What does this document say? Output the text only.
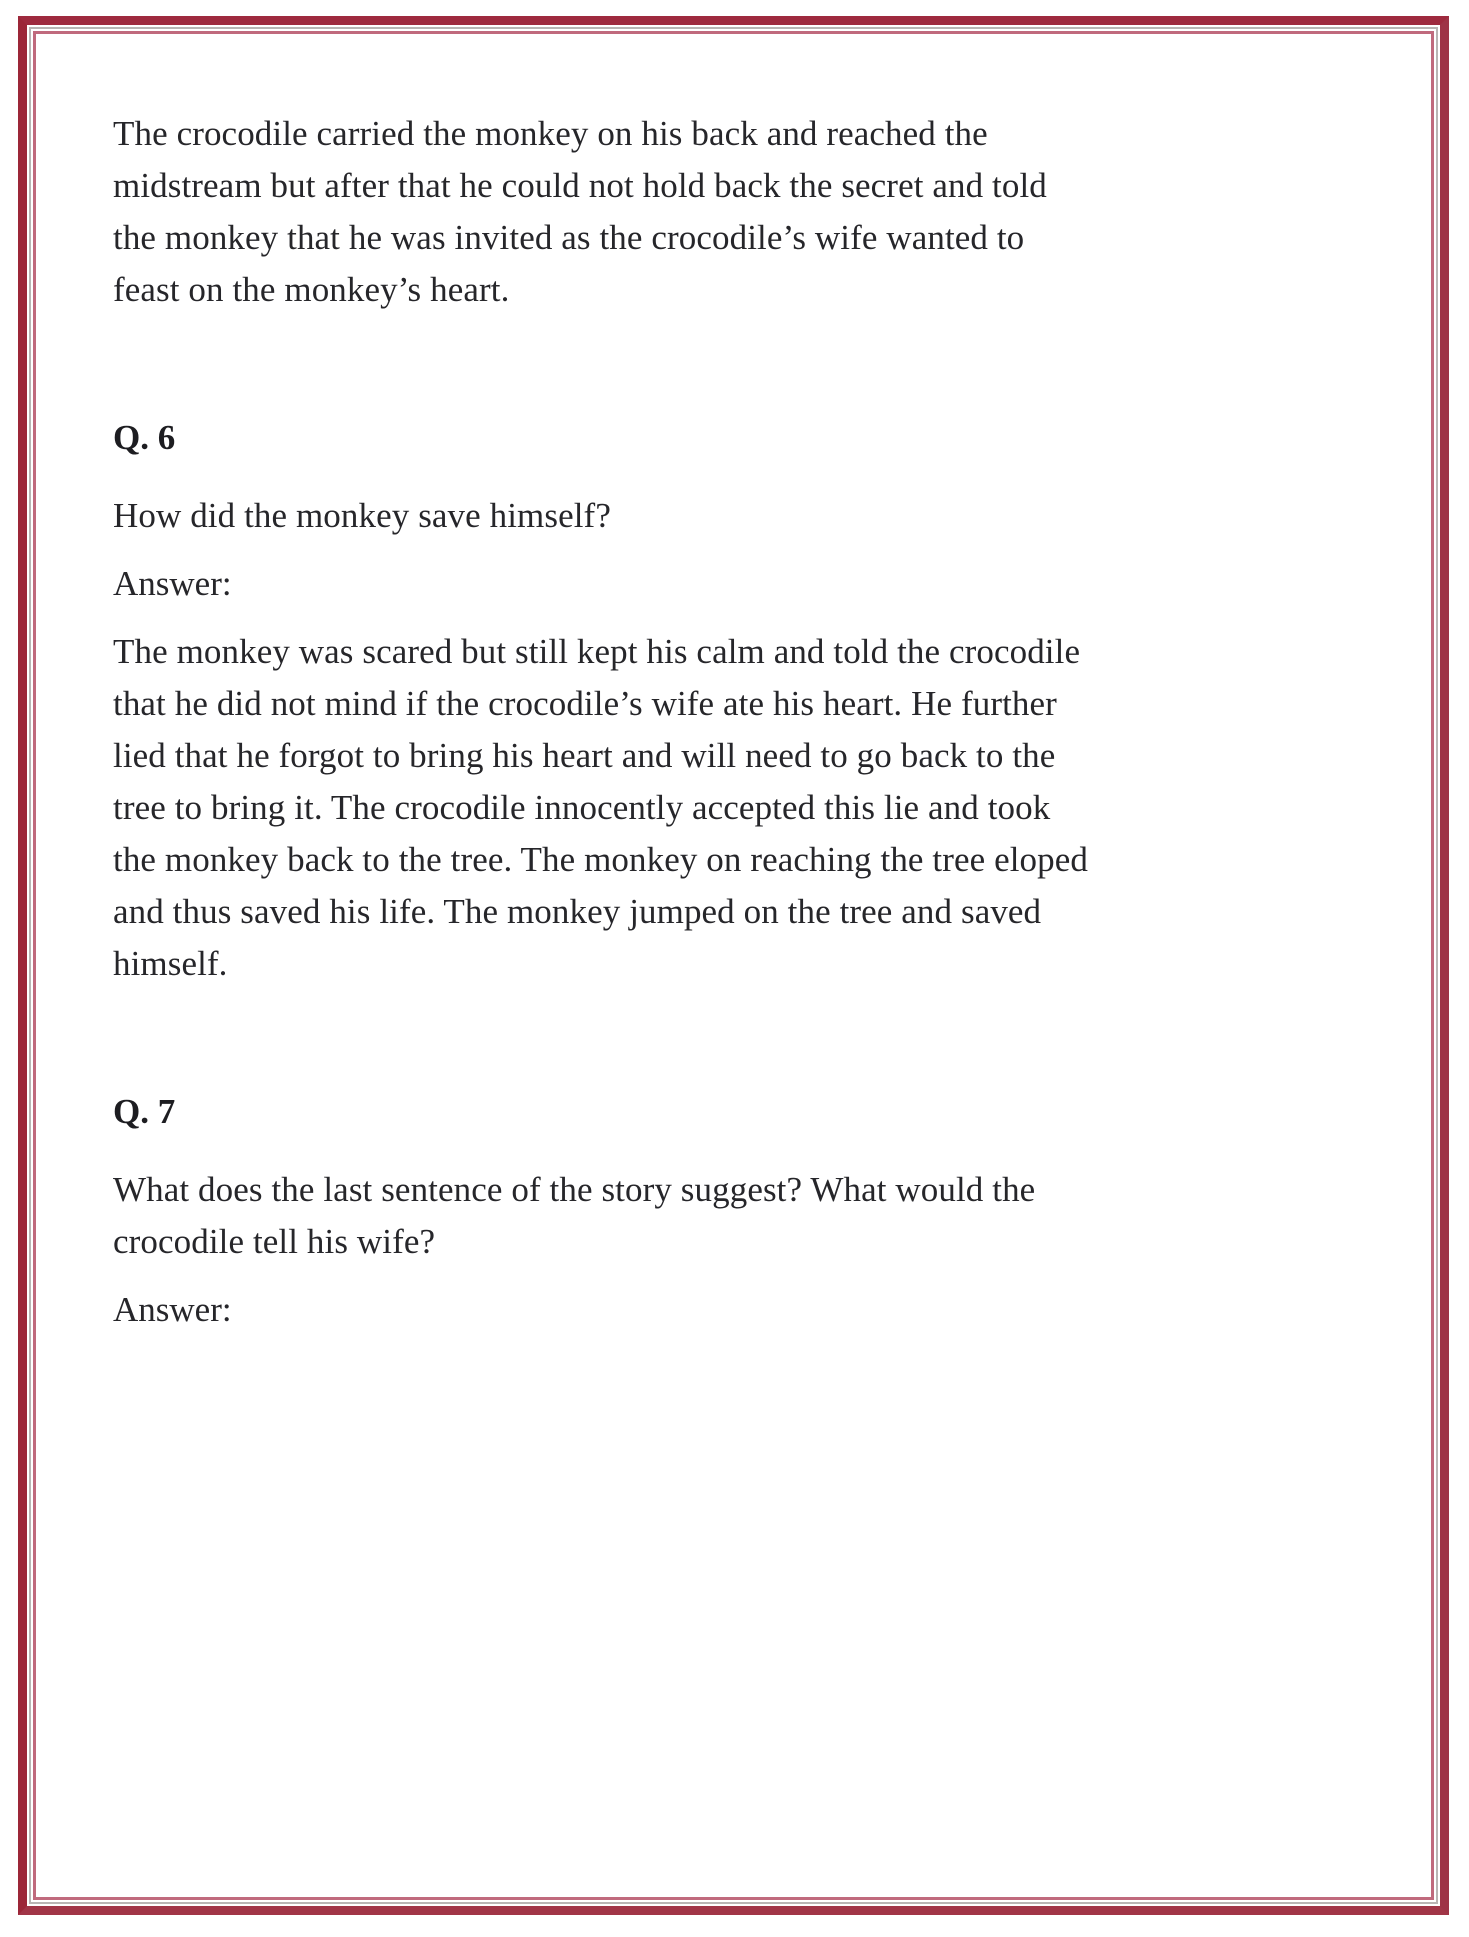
The crocodile carried the monkey on his back and reached the midstream but after that he could not hold back the secret and told the monkey that he was invited as the crocodile’s wife wanted to feast on the monkey’s heart.

Q. 6

How did the monkey save himself?

Answer:

The monkey was scared but still kept his calm and told the crocodile that he did not mind if the crocodile’s wife ate his heart. He further lied that he forgot to bring his heart and will need to go back to the tree to bring it. The crocodile innocently accepted this lie and took the monkey back to the tree. The monkey on reaching the tree eloped and thus saved his life. The monkey jumped on the tree and saved himself.

Q. 7

What does the last sentence of the story suggest? What would the crocodile tell his wife?

Answer:
